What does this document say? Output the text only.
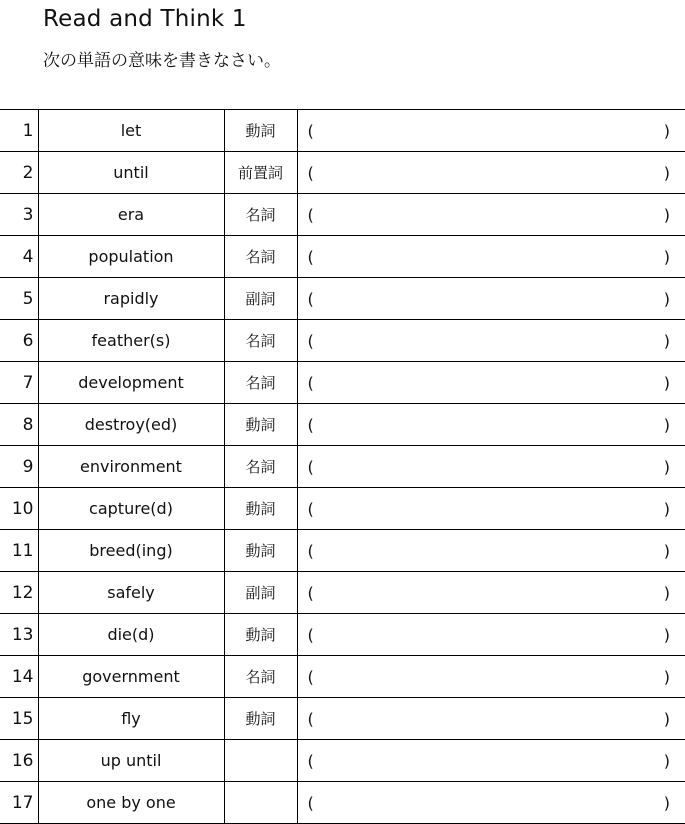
Read and Think 1
次の単語の意味を書きなさい。
1	let	動詞	( )

2	until	前置詞	( )

3	era	名詞	( )

4	population	名詞	( )

5	rapidly	副詞	( )

6	feather(s)	名詞	( )

7	development	名詞	( )

8	destroy(ed)	動詞	( )

9	environment	名詞	( )

10	capture(d)	動詞	( )

11	breed(ing)	動詞	( )

12	safely	副詞	( )

13	die(d)	動詞	( )

14	government	名詞	( )

15	fly	動詞	( )

16	up until		( )

17	one by one		( )
